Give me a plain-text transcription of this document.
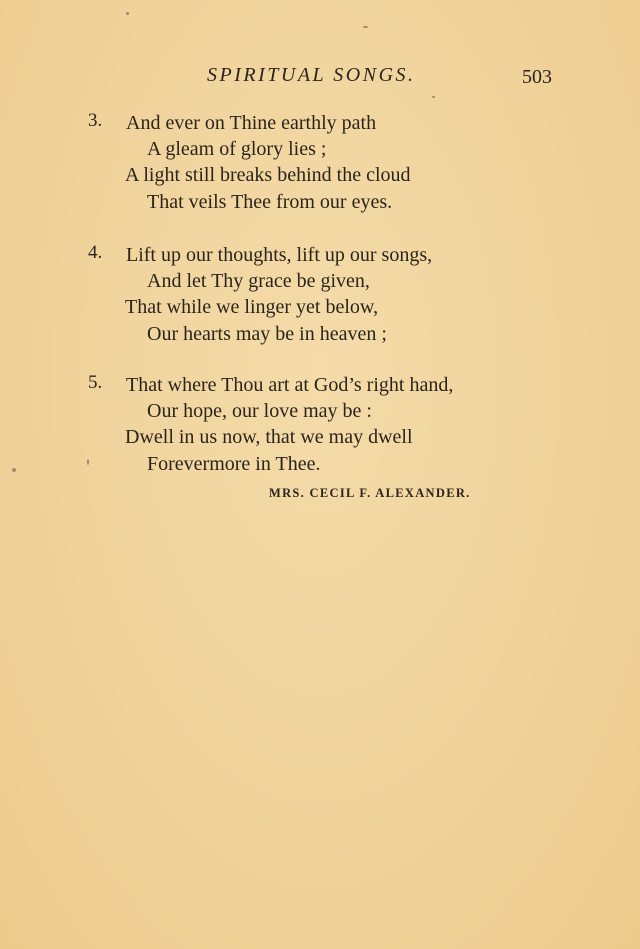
SPIRITUAL SONGS.	503
3.	And ever on Thine earthly path
A gleam of glory lies ;
A light still breaks behind the cloud
That veils Thee from our eyes.
4.	Lift up our thoughts, lift up our songs,
And let Thy grace be given,
That while we linger yet below,
Our hearts may be in heaven ;
5.	That where Thou art at God’s right hand,
Our hope, our love may be :
Dwell in us now, that we may dwell
Forevermore in Thee.
MRS. CECIL F. ALEXANDER.
